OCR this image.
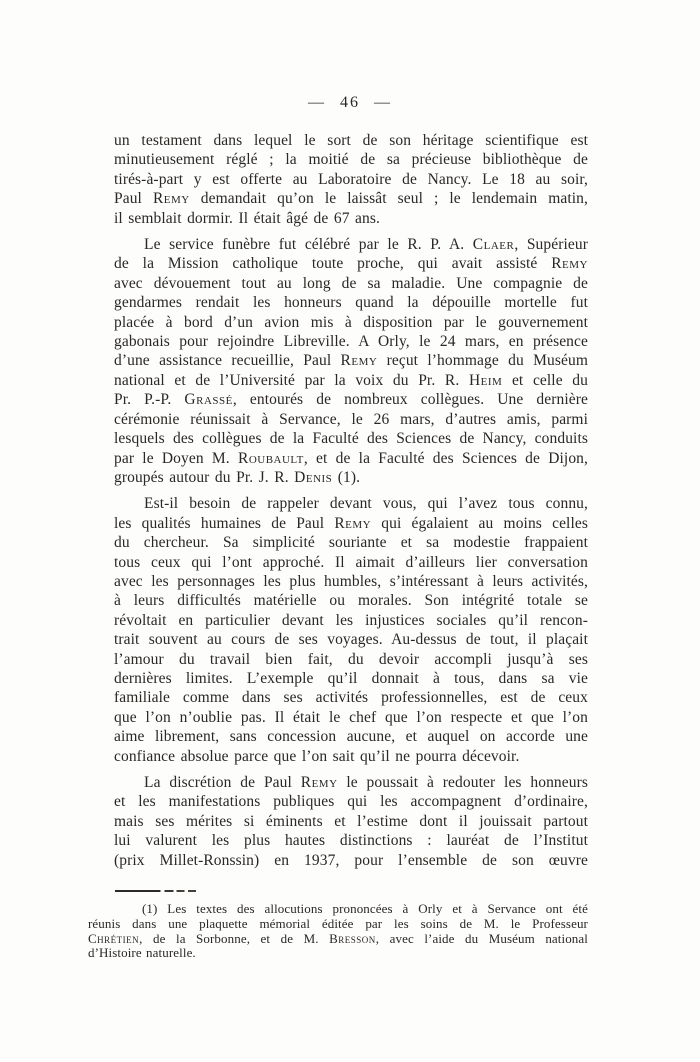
— 46 —

un testament dans lequel le sort de son héritage scientifique est
minutieusement réglé ; la moitié de sa précieuse bibliothèque de
tirés-à-part y est offerte au Laboratoire de Nancy. Le 18 au soir,
Paul Remy demandait qu’on le laissât seul ; le lendemain matin,
il semblait dormir. Il était âgé de 67 ans.

Le service funèbre fut célébré par le R. P. A. Claer, Supérieur
de la Mission catholique toute proche, qui avait assisté Remy
avec dévouement tout au long de sa maladie. Une compagnie de
gendarmes rendait les honneurs quand la dépouille mortelle fut
placée à bord d’un avion mis à disposition par le gouvernement
gabonais pour rejoindre Libreville. A Orly, le 24 mars, en présence
d’une assistance recueillie, Paul Remy reçut l’hommage du Muséum
national et de l’Université par la voix du Pr. R. Heim et celle du
Pr. P.-P. Grassé, entourés de nombreux collègues. Une dernière
cérémonie réunissait à Servance, le 26 mars, d’autres amis, parmi
lesquels des collègues de la Faculté des Sciences de Nancy, conduits
par le Doyen M. Roubault, et de la Faculté des Sciences de Dijon,
groupés autour du Pr. J. R. Denis (1).

Est-il besoin de rappeler devant vous, qui l’avez tous connu,
les qualités humaines de Paul Remy qui égalaient au moins celles
du chercheur. Sa simplicité souriante et sa modestie frappaient
tous ceux qui l’ont approché. Il aimait d’ailleurs lier conversation
avec les personnages les plus humbles, s’intéressant à leurs activités,
à leurs difficultés matérielle ou morales. Son intégrité totale se
révoltait en particulier devant les injustices sociales qu’il rencon-
trait souvent au cours de ses voyages. Au-dessus de tout, il plaçait
l’amour du travail bien fait, du devoir accompli jusqu’à ses
dernières limites. L’exemple qu’il donnait à tous, dans sa vie
familiale comme dans ses activités professionnelles, est de ceux
que l’on n’oublie pas. Il était le chef que l’on respecte et que l’on
aime librement, sans concession aucune, et auquel on accorde une
confiance absolue parce que l’on sait qu’il ne pourra décevoir.

La discrétion de Paul Remy le poussait à redouter les honneurs
et les manifestations publiques qui les accompagnent d’ordinaire,
mais ses mérites si éminents et l’estime dont il jouissait partout
lui valurent les plus hautes distinctions : lauréat de l’Institut
(prix Millet-Ronssin) en 1937, pour l’ensemble de son œuvre

(1) Les textes des allocutions prononcées à Orly et à Servance ont été
réunis dans une plaquette mémorial éditée par les soins de M. le Professeur
Chrétien, de la Sorbonne, et de M. Bresson, avec l’aide du Muséum national
d’Histoire naturelle.
